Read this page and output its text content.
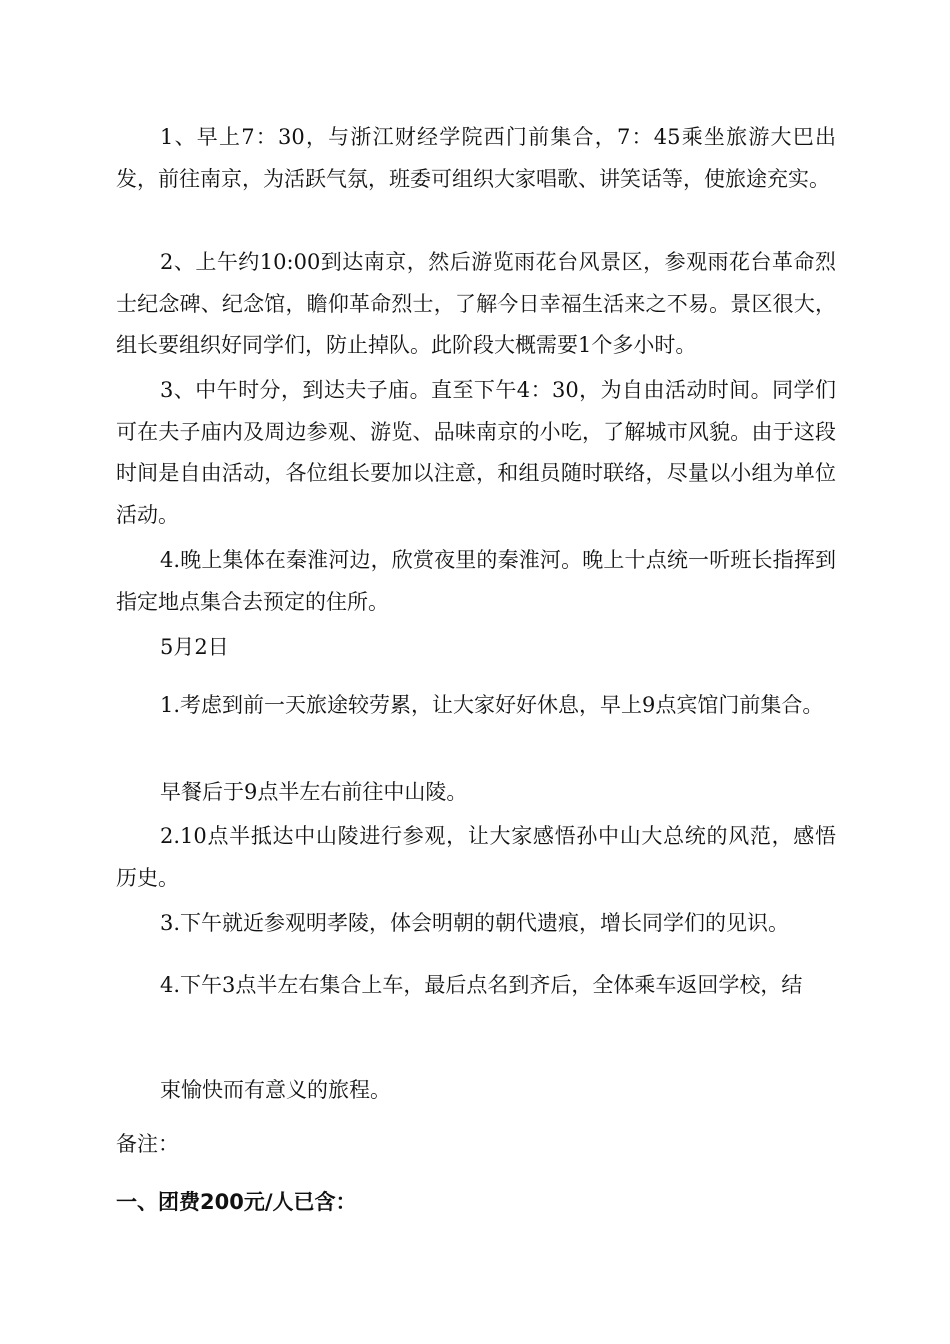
1、早上7：30，与浙江财经学院西门前集合，7：45乘坐旅游大巴出发，前往南京，为活跃气氛，班委可组织大家唱歌、讲笑话等，使旅途充实。

2、上午约10:00到达南京，然后游览雨花台风景区，参观雨花台革命烈士纪念碑、纪念馆，瞻仰革命烈士，了解今日幸福生活来之不易。景区很大，组长要组织好同学们，防止掉队。此阶段大概需要1个多小时。

3、中午时分，到达夫子庙。直至下午4：30，为自由活动时间。同学们可在夫子庙内及周边参观、游览、品味南京的小吃，了解城市风貌。由于这段时间是自由活动，各位组长要加以注意，和组员随时联络，尽量以小组为单位活动。

4.晚上集体在秦淮河边，欣赏夜里的秦淮河。晚上十点统一听班长指挥到指定地点集合去预定的住所。

5月2日

1.考虑到前一天旅途较劳累，让大家好好休息，早上9点宾馆门前集合。

早餐后于9点半左右前往中山陵。

2.10点半抵达中山陵进行参观，让大家感悟孙中山大总统的风范，感悟历史。

3.下午就近参观明孝陵，体会明朝的朝代遗痕，增长同学们的见识。

4.下午3点半左右集合上车，最后点名到齐后，全体乘车返回学校，结

束愉快而有意义的旅程。

备注：

一、团费200元/人已含：
